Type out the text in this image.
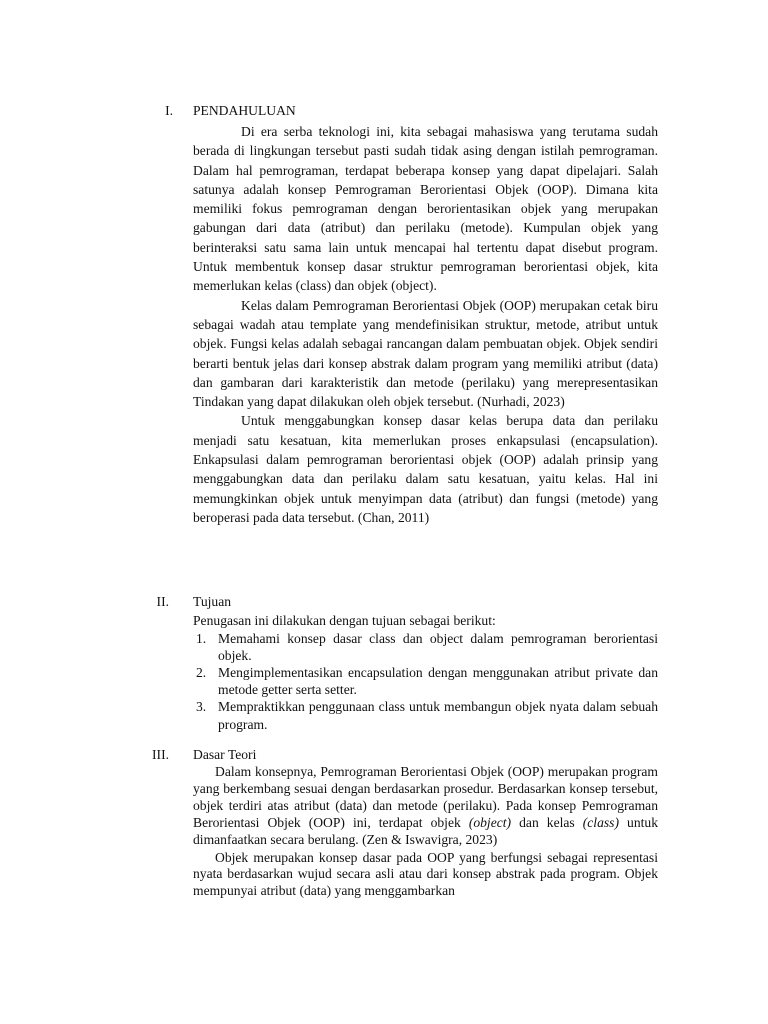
I. PENDAHULUAN

Di era serba teknologi ini, kita sebagai mahasiswa yang terutama sudah berada di lingkungan tersebut pasti sudah tidak asing dengan istilah pemrograman. Dalam hal pemrograman, terdapat beberapa konsep yang dapat dipelajari. Salah satunya adalah konsep Pemrograman Berorientasi Objek (OOP). Dimana kita memiliki fokus pemrograman dengan berorientasikan objek yang merupakan gabungan dari data (atribut) dan perilaku (metode). Kumpulan objek yang berinteraksi satu sama lain untuk mencapai hal tertentu dapat disebut program. Untuk membentuk konsep dasar struktur pemrograman berorientasi objek, kita memerlukan kelas (class) dan objek (object).

Kelas dalam Pemrograman Berorientasi Objek (OOP) merupakan cetak biru sebagai wadah atau template yang mendefinisikan struktur, metode, atribut untuk objek. Fungsi kelas adalah sebagai rancangan dalam pembuatan objek. Objek sendiri berarti bentuk jelas dari konsep abstrak dalam program yang memiliki atribut (data) dan gambaran dari karakteristik dan metode (perilaku) yang merepresentasikan Tindakan yang dapat dilakukan oleh objek tersebut. (Nurhadi, 2023)

Untuk menggabungkan konsep dasar kelas berupa data dan perilaku menjadi satu kesatuan, kita memerlukan proses enkapsulasi (encapsulation). Enkapsulasi dalam pemrograman berorientasi objek (OOP) adalah prinsip yang menggabungkan data dan perilaku dalam satu kesatuan, yaitu kelas. Hal ini memungkinkan objek untuk menyimpan data (atribut) dan fungsi (metode) yang beroperasi pada data tersebut. (Chan, 2011)

II. Tujuan

Penugasan ini dilakukan dengan tujuan sebagai berikut:

1. Memahami konsep dasar class dan object dalam pemrograman berorientasi objek.
2. Mengimplementasikan encapsulation dengan menggunakan atribut private dan metode getter serta setter.
3. Mempraktikkan penggunaan class untuk membangun objek nyata dalam sebuah program.
III. Dasar Teori

Dalam konsepnya, Pemrograman Berorientasi Objek (OOP) merupakan program yang berkembang sesuai dengan berdasarkan prosedur. Berdasarkan konsep tersebut, objek terdiri atas atribut (data) dan metode (perilaku). Pada konsep Pemrograman Berorientasi Objek (OOP) ini, terdapat objek (object) dan kelas (class) untuk dimanfaatkan secara berulang. (Zen & Iswavigra, 2023)

Objek merupakan konsep dasar pada OOP yang berfungsi sebagai representasi nyata berdasarkan wujud secara asli atau dari konsep abstrak pada program. Objek mempunyai atribut (data) yang menggambarkan
